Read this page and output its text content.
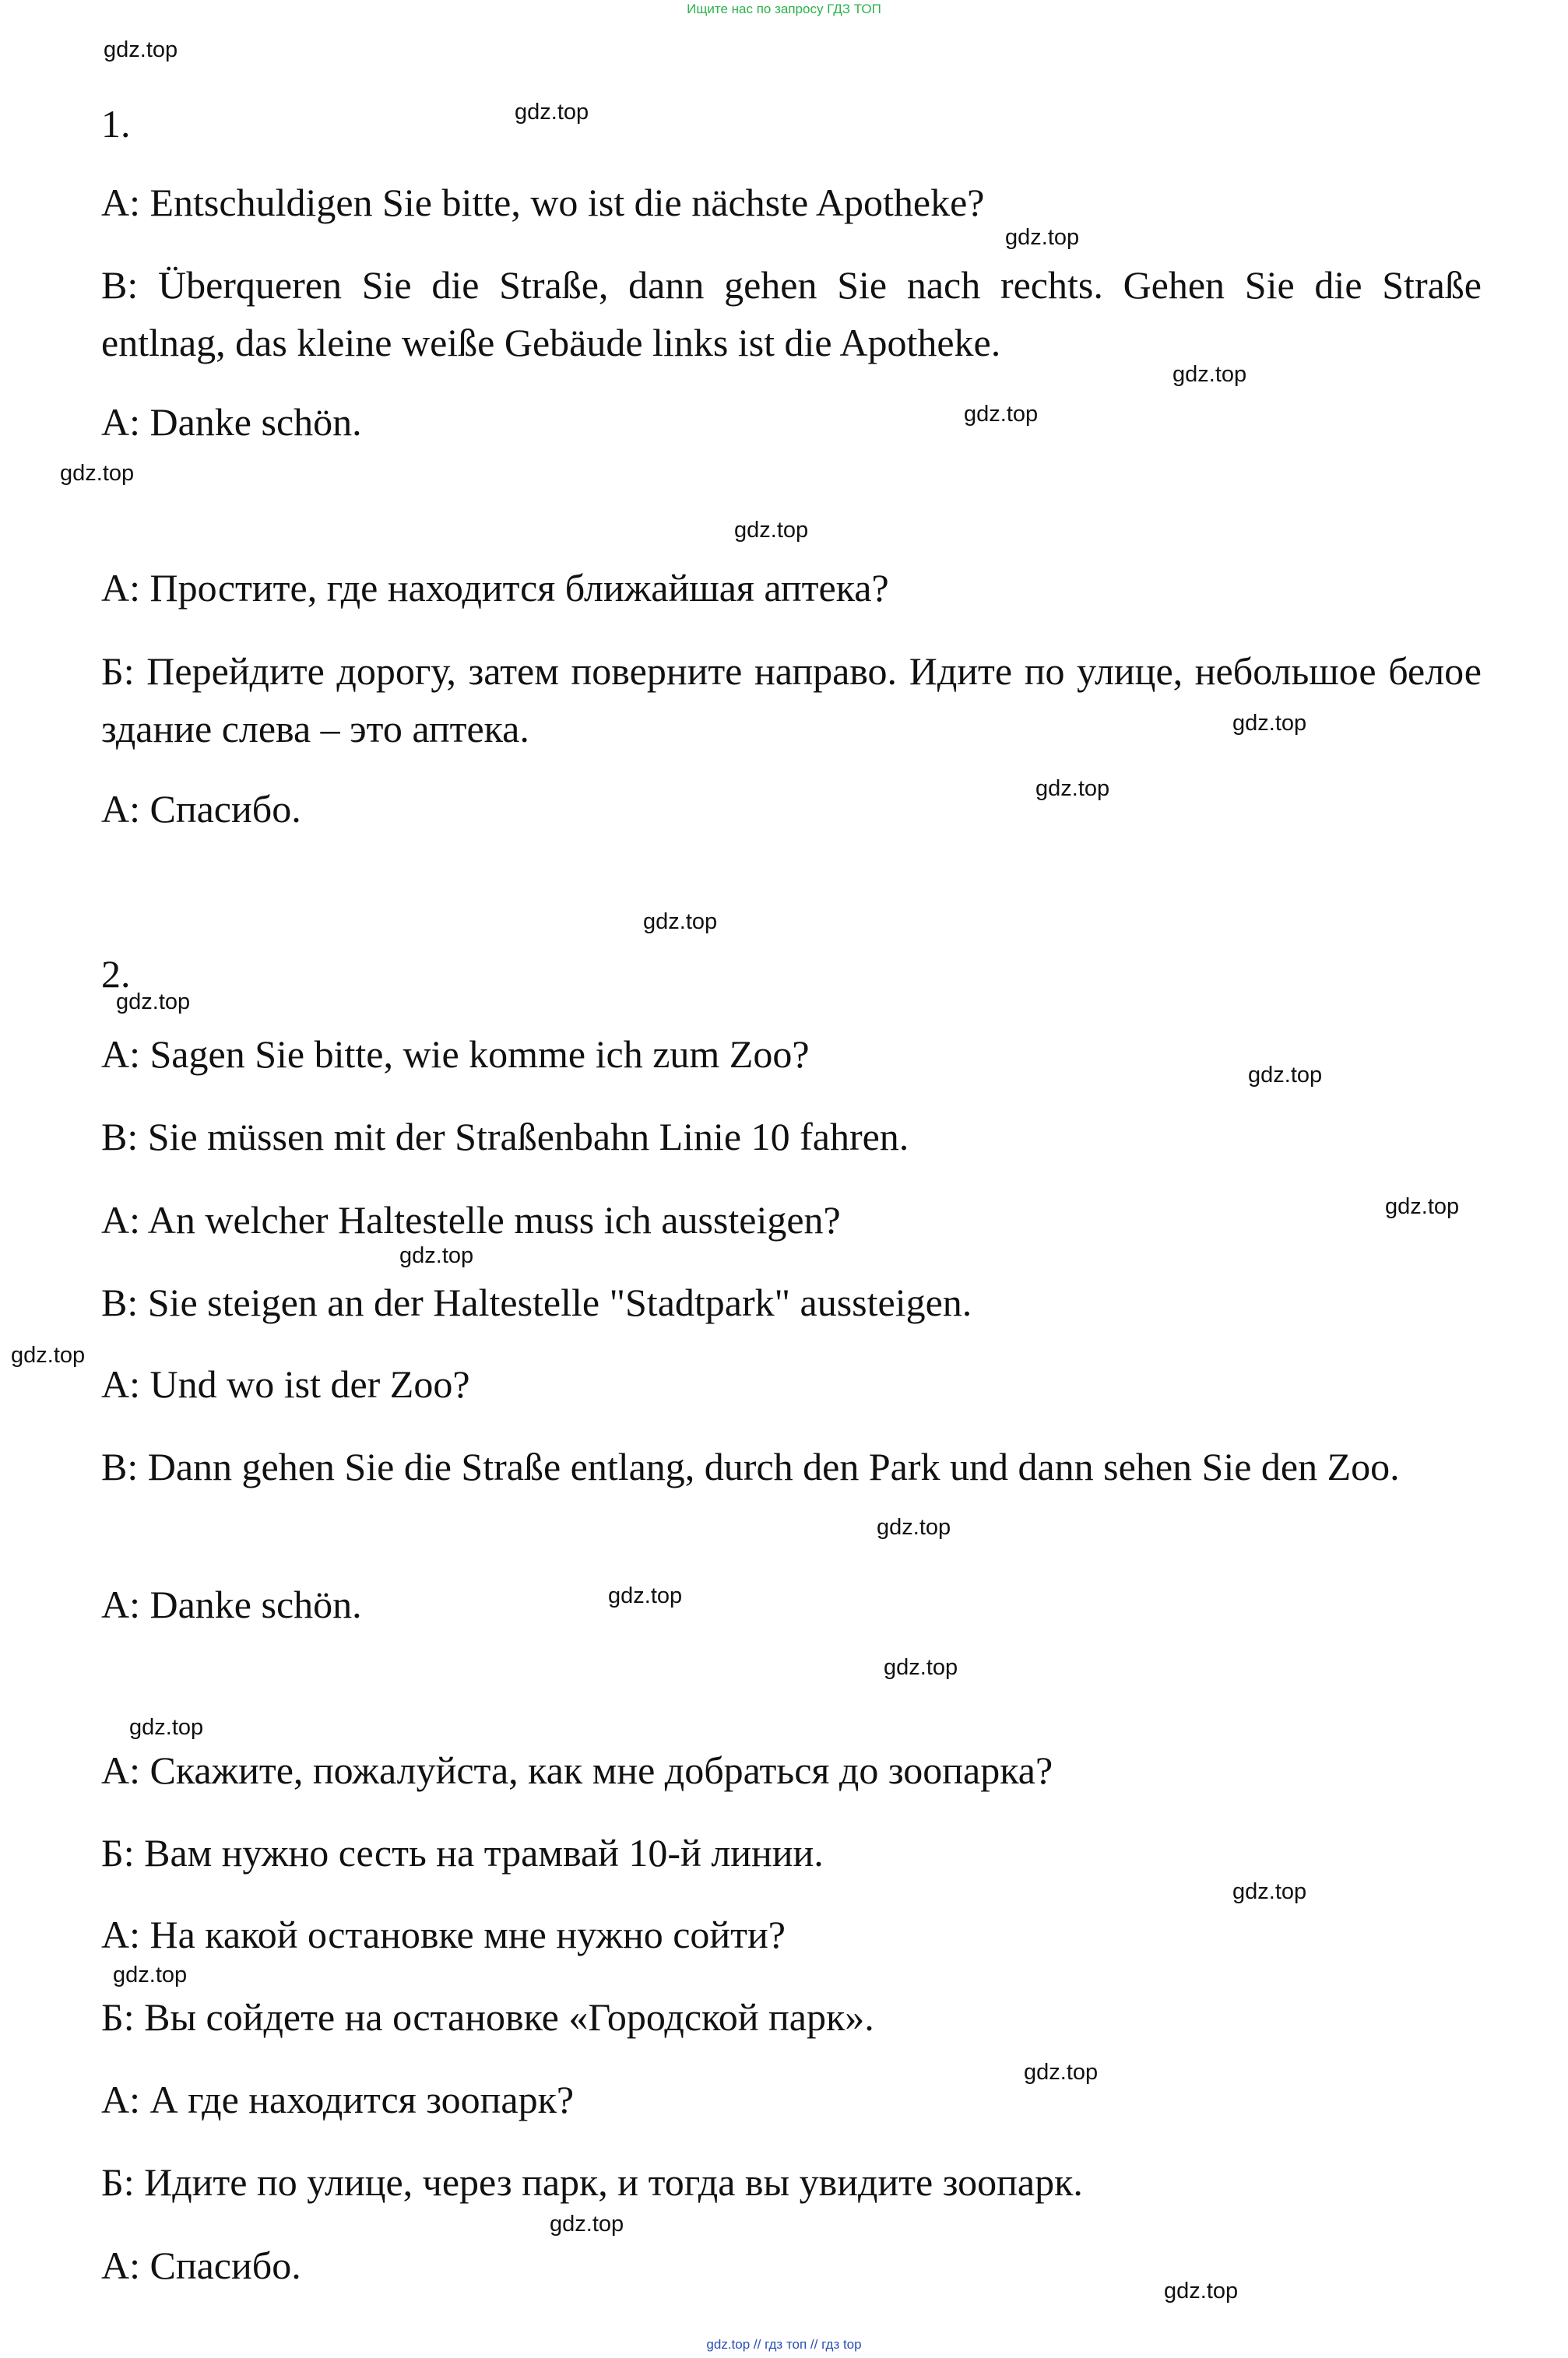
Ищите нас по запросу ГДЗ ТОП
1.
A: Entschuldigen Sie bitte, wo ist die nächste Apotheke?
B: Überqueren Sie die Straße, dann gehen Sie nach rechts. Gehen Sie die Straße entlnag, das kleine weiße Gebäude links ist die Apotheke.
A: Danke schön.
А: Простите, где находится ближайшая аптека?
Б: Перейдите дорогу, затем поверните направо. Идите по улице, небольшое белое здание слева – это аптека.
А: Спасибо.
2.
A: Sagen Sie bitte, wie komme ich zum Zoo?
B: Sie müssen mit der Straßenbahn Linie 10 fahren.
A: An welcher Haltestelle muss ich aussteigen?
B: Sie steigen an der Haltestelle "Stadtpark" aussteigen.
A: Und wo ist der Zoo?
B: Dann gehen Sie die Straße entlang, durch den Park und dann sehen Sie den Zoo.
A: Danke schön.
А: Скажите, пожалуйста, как мне добраться до зоопарка?
Б: Вам нужно сесть на трамвай 10-й линии.
А: На какой остановке мне нужно сойти?
Б: Вы сойдете на остановке «Городской парк».
А: А где находится зоопарк?
Б: Идите по улице, через парк, и тогда вы увидите зоопарк.
А: Спасибо.
gdz.top
gdz.top
gdz.top
gdz.top
gdz.top
gdz.top
gdz.top
gdz.top
gdz.top
gdz.top
gdz.top
gdz.top
gdz.top
gdz.top
gdz.top
gdz.top
gdz.top
gdz.top
gdz.top
gdz.top
gdz.top
gdz.top
gdz.top
gdz.top
gdz.top // гдз топ // гдз top
